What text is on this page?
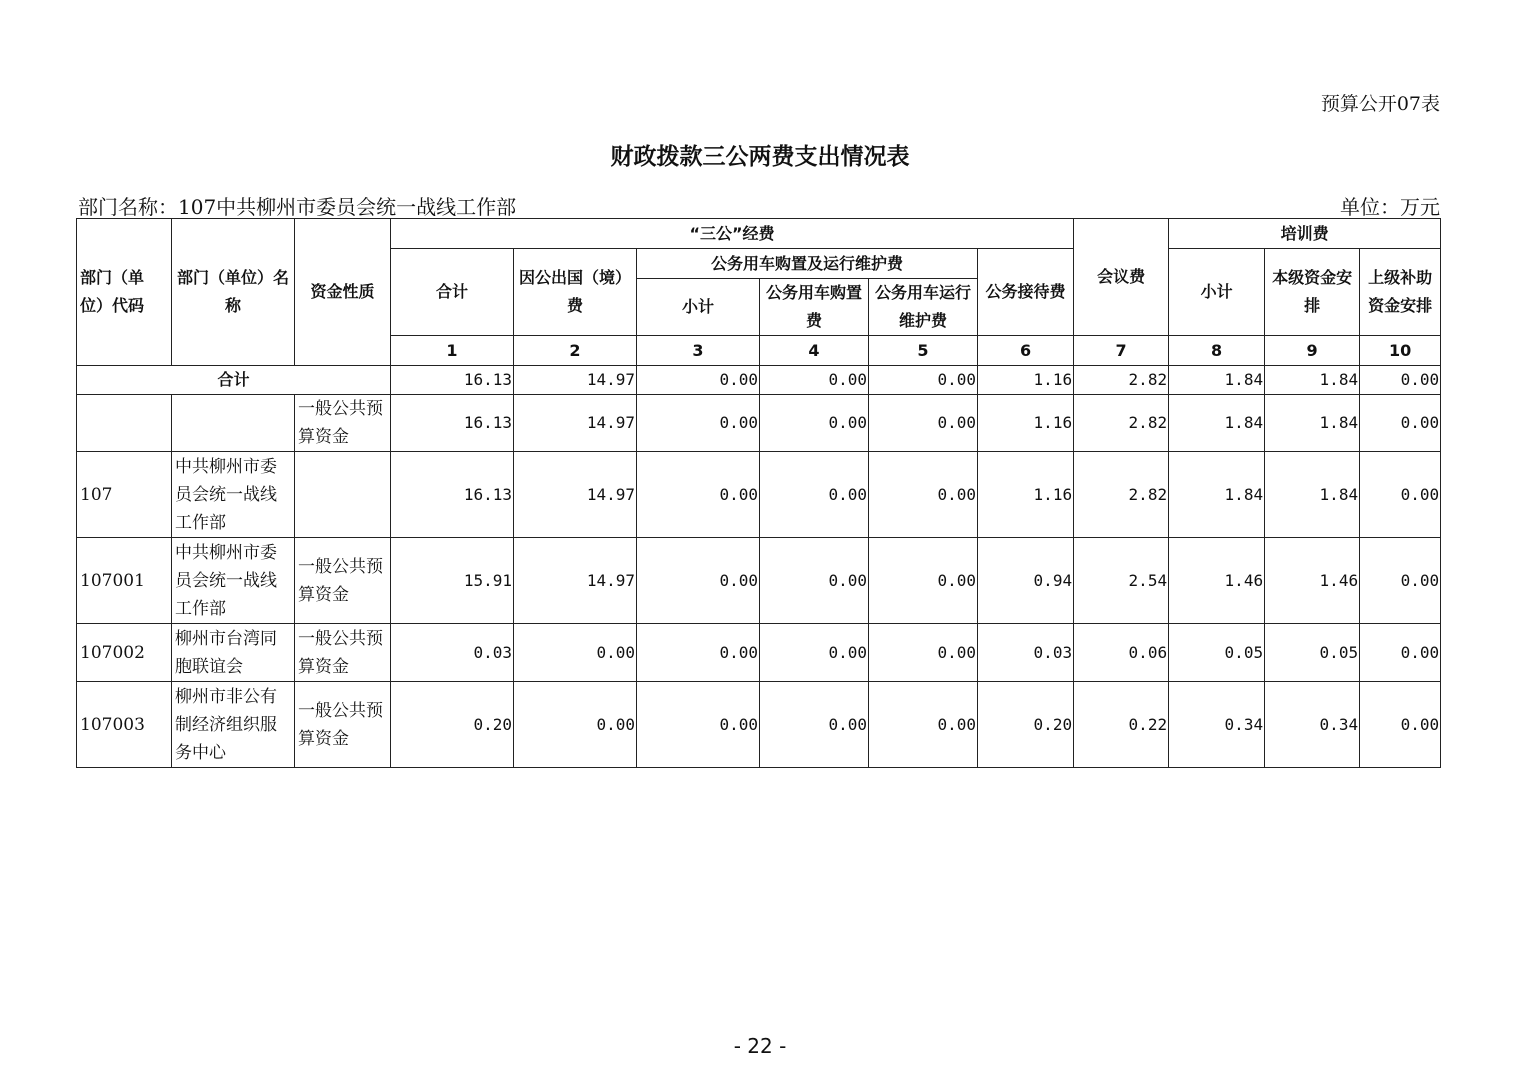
预算公开07表
财政拨款三公两费支出情况表
部门名称：107中共柳州市委员会统一战线工作部	单位：万元
部门（单位）代码	部门（单位）名称	资金性质	“三公”经费						会议费	培训费		
			合计	因公出国（境）费	公务用车购置及运行维护费			公务接待费		小计	本级资金安排	上级补助资金安排
					小计	公务用车购置费	公务用车运行维护费					
			1	2	3	4	5	6	7	8	9	10
合计			16.13	14.97	0.00	0.00	0.00	1.16	2.82	1.84	1.84	0.00
		一般公共预算资金	16.13	14.97	0.00	0.00	0.00	1.16	2.82	1.84	1.84	0.00
107	中共柳州市委员会统一战线工作部		16.13	14.97	0.00	0.00	0.00	1.16	2.82	1.84	1.84	0.00
107001	中共柳州市委员会统一战线工作部	一般公共预算资金	15.91	14.97	0.00	0.00	0.00	0.94	2.54	1.46	1.46	0.00
107002	柳州市台湾同胞联谊会	一般公共预算资金	0.03	0.00	0.00	0.00	0.00	0.03	0.06	0.05	0.05	0.00
107003	柳州市非公有制经济组织服务中心	一般公共预算资金	0.20	0.00	0.00	0.00	0.00	0.20	0.22	0.34	0.34	0.00
- 22 -
